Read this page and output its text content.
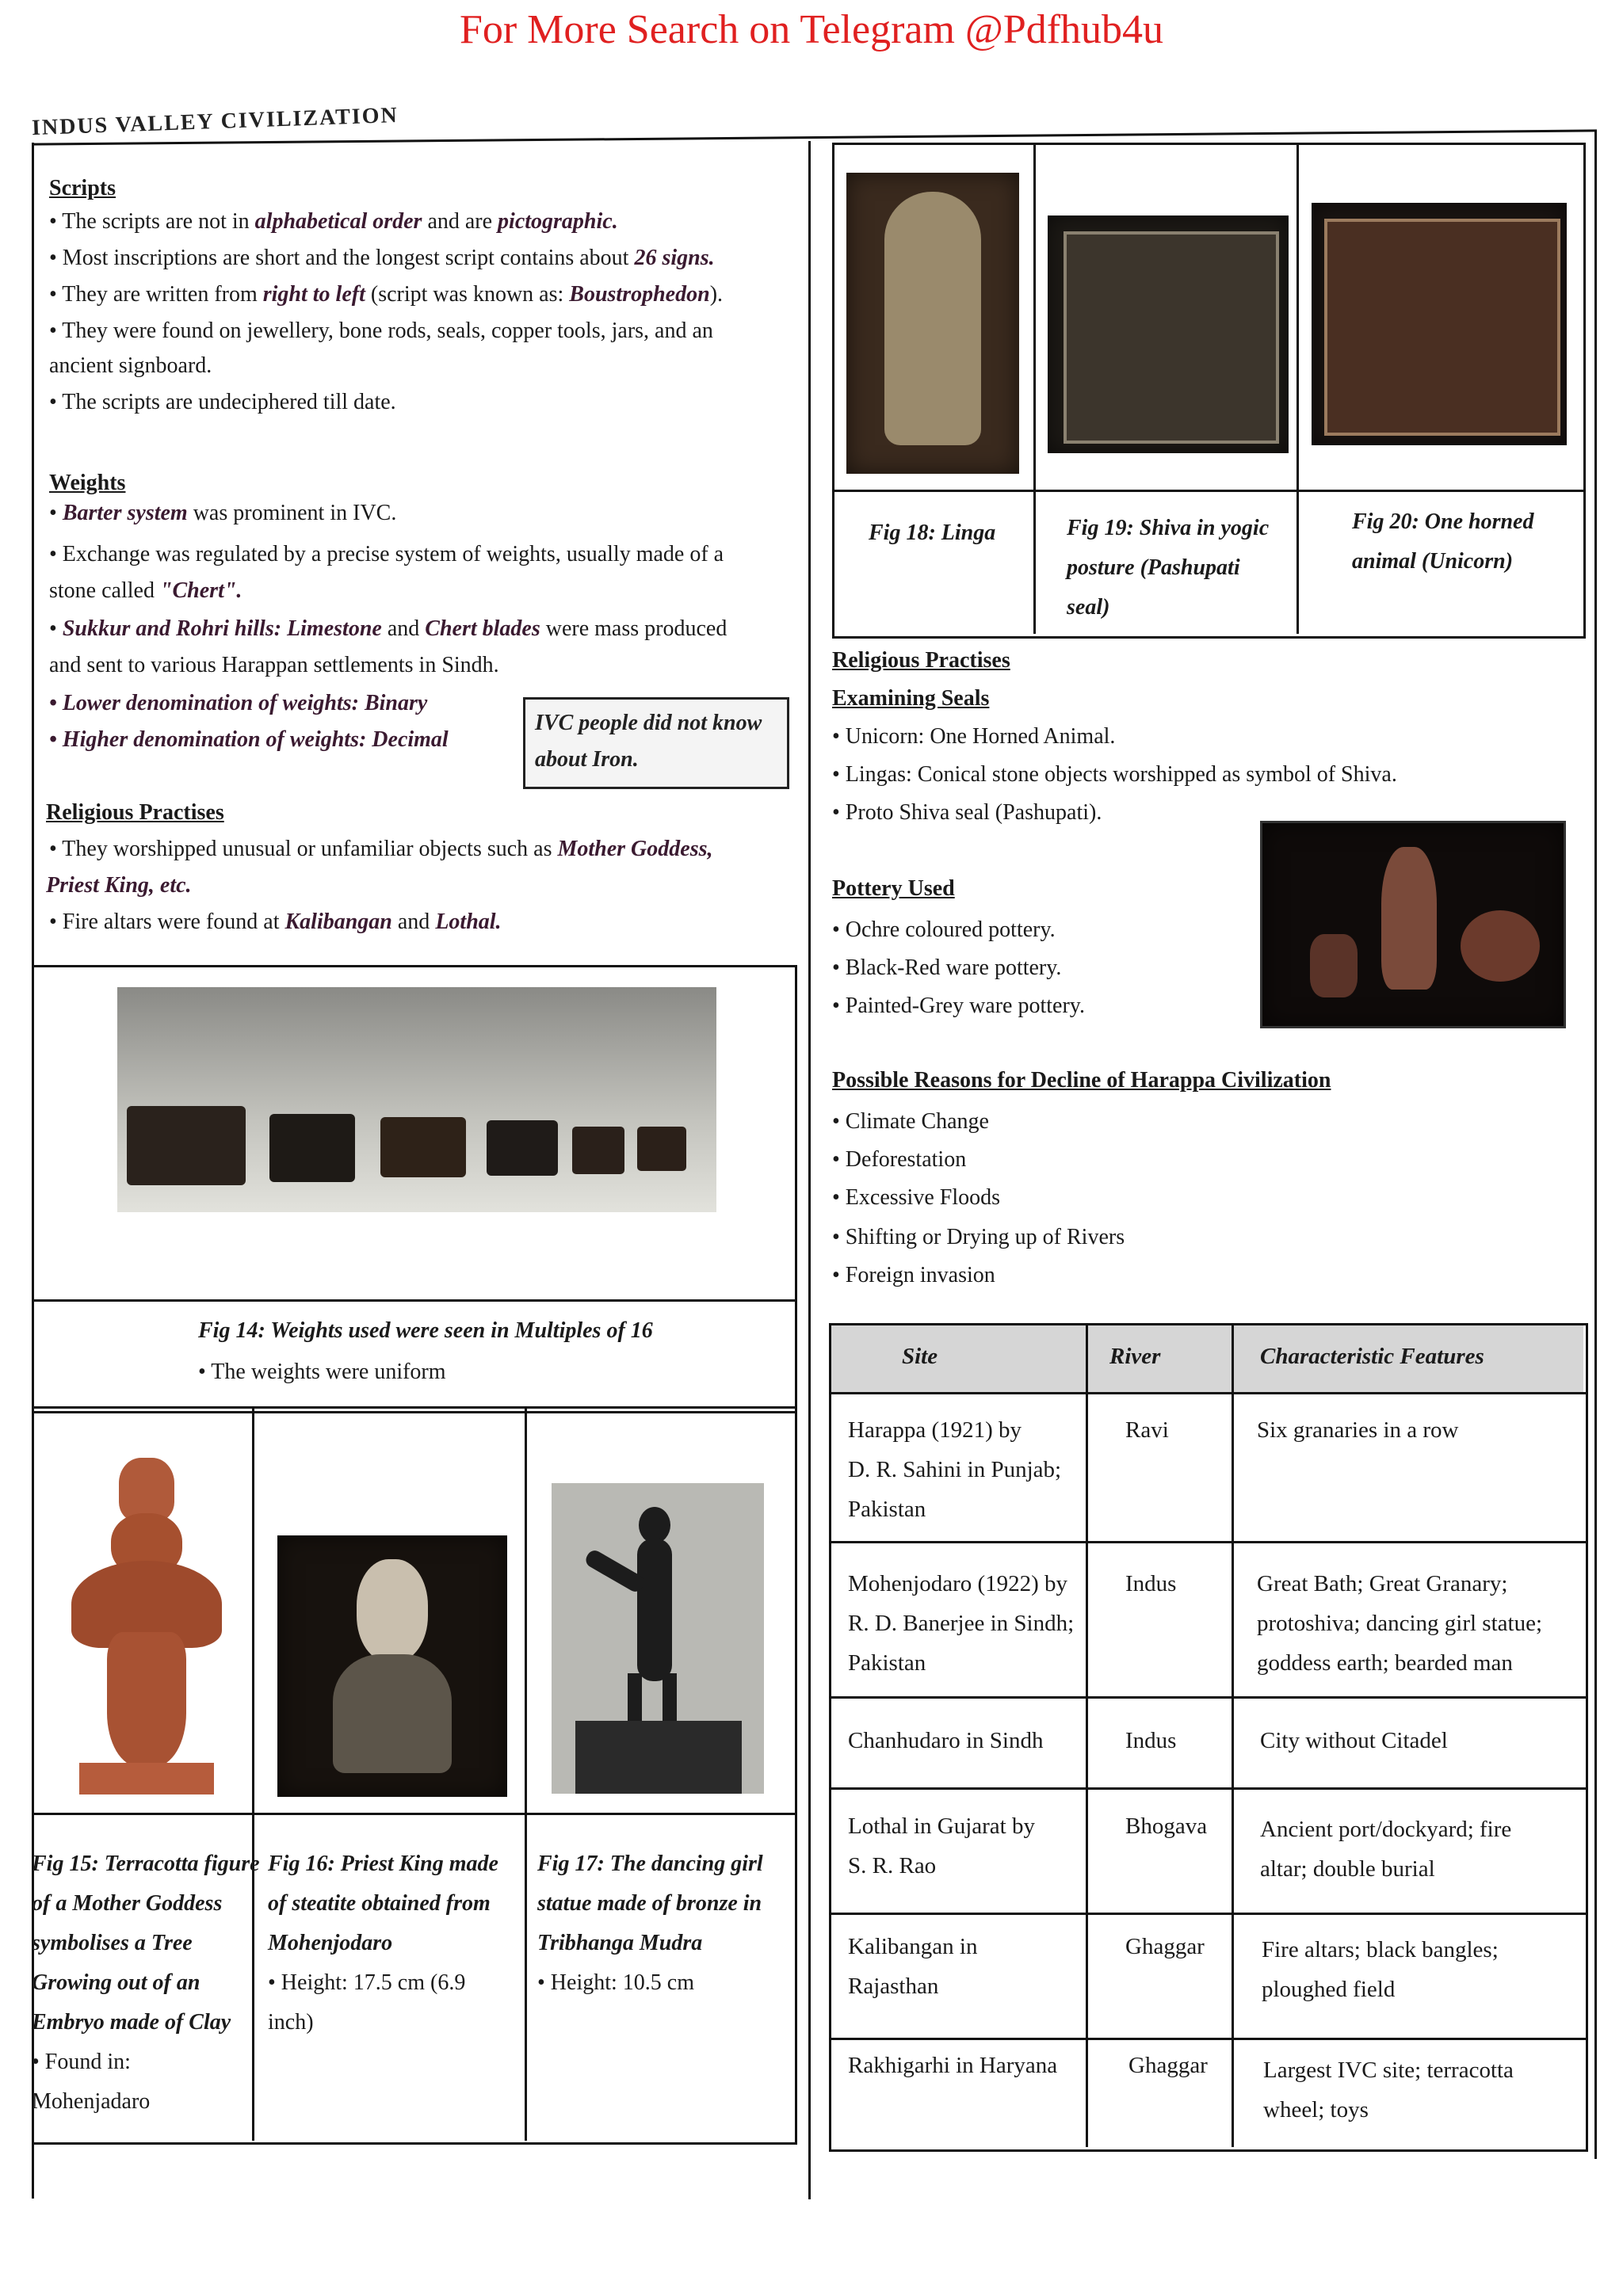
For More Search on Telegram @Pdfhub4u
INDUS VALLEY CIVILIZATION
Scripts
• The scripts are not in alphabetical order and are pictographic.
• Most inscriptions are short and the longest script contains about 26 signs.
• They are written from right to left (script was known as: Boustrophedon).
• They were found on jewellery, bone rods, seals, copper tools, jars, and an
ancient signboard.
• The scripts are undeciphered till date.
Weights
• Barter system was prominent in IVC.
• Exchange was regulated by a precise system of weights, usually made of a
stone called "Chert".
• Sukkur and Rohri hills: Limestone and Chert blades were mass produced
and sent to various Harappan settlements in Sindh.
• Lower denomination of weights: Binary
• Higher denomination of weights: Decimal
IVC people did not know
about Iron.
Religious Practises
• They worshipped unusual or unfamiliar objects such as Mother Goddess,
Priest King, etc.
• Fire altars were found at Kalibangan and Lothal.
Fig 14: Weights used were seen in Multiples of 16
• The weights were uniform
Fig 15: Terracotta figure
of a Mother Goddess
symbolises a Tree
Growing out of an
Embryo made of Clay
• Found in:
Mohenjadaro
Fig 16: Priest King made
of steatite obtained from
Mohenjodaro
• Height: 17.5 cm (6.9
inch)
Fig 17: The dancing girl
statue made of bronze in
Tribhanga Mudra
• Height: 10.5 cm
Fig 18: Linga	Fig 19: Shiva in yogic
posture (Pashupati
seal)
Fig 20: One horned
animal (Unicorn)
Religious Practises
Examining Seals
• Unicorn: One Horned Animal.
• Lingas: Conical stone objects worshipped as symbol of Shiva.
• Proto Shiva seal (Pashupati).
Pottery Used
• Ochre coloured pottery.
• Black-Red ware pottery.
• Painted-Grey ware pottery.
Possible Reasons for Decline of Harappa Civilization
• Climate Change
• Deforestation
• Excessive Floods
• Shifting or Drying up of Rivers
• Foreign invasion
Site	River	Characteristic Features
Harappa (1921) by
D. R. Sahini in Punjab;
Pakistan
Ravi	Six granaries in a row
Mohenjodaro (1922) by
R. D. Banerjee in Sindh;
Pakistan
Indus	Great Bath; Great Granary;
protoshiva; dancing girl statue;
goddess earth; bearded man
Chanhudaro in Sindh	Indus	City without Citadel
Lothal in Gujarat by
S. R. Rao
Bhogava Ancient port/dockyard; fire
altar; double burial
Kalibangan in
Rajasthan
Ghaggar Fire altars; black bangles;
ploughed field
Rakhigarhi in Haryana	Ghaggar Largest IVC site; terracotta
wheel; toys
